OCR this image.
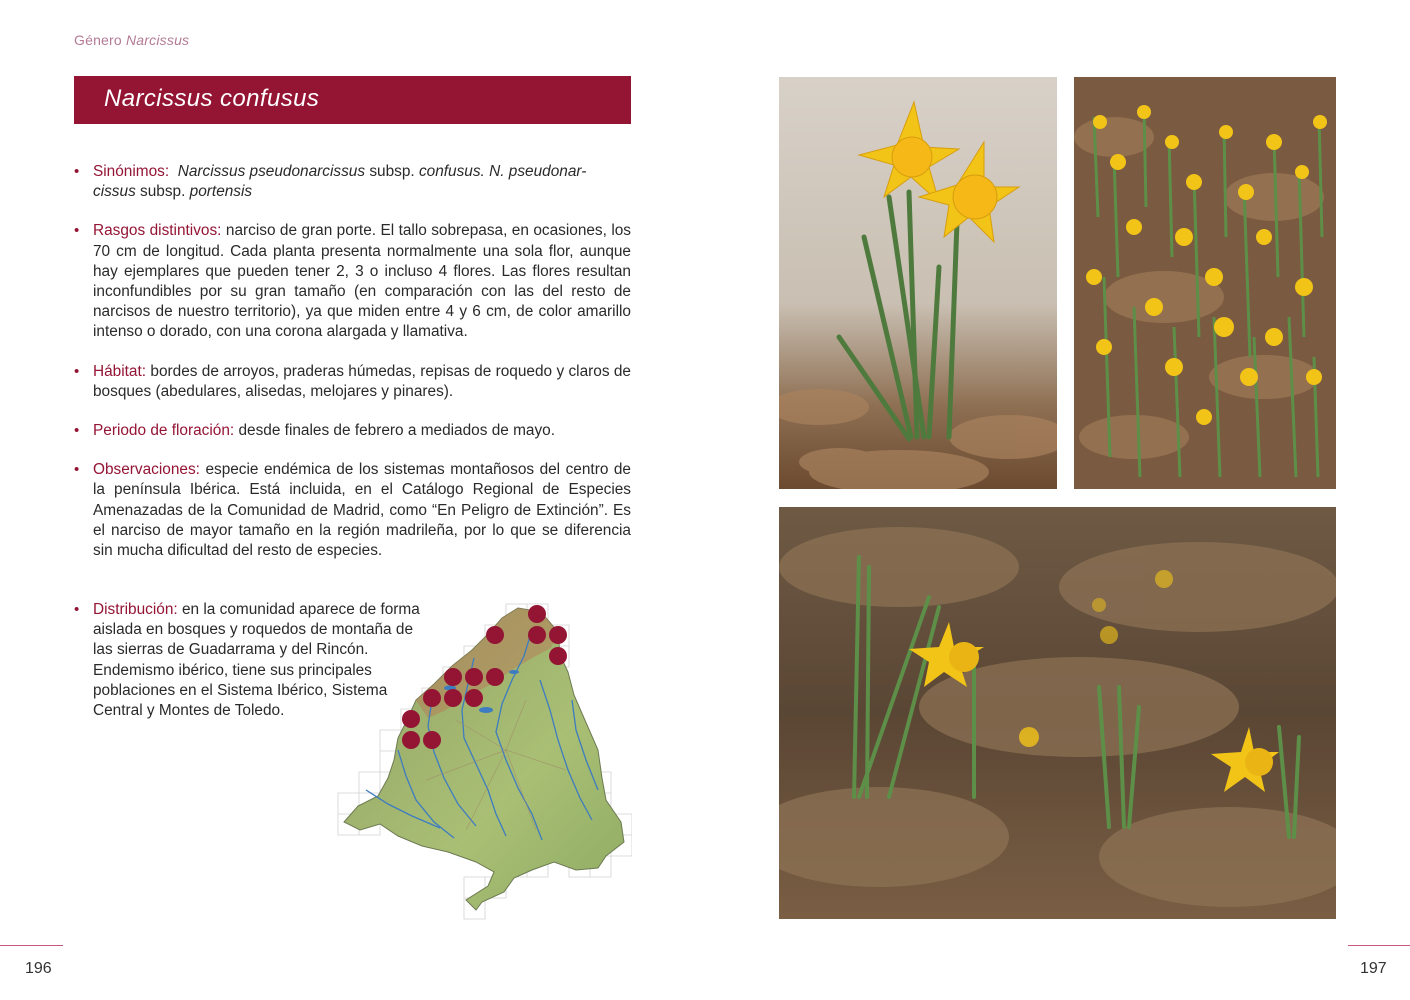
Género Narcissus
Narcissus confusus
• Sinónimos: Narcissus pseudonarcissus subsp. confusus. N. pseudonar-
cissus subsp. portensis
• Rasgos distintivos: narciso de gran porte. El tallo sobrepasa, en ocasiones, los 70 cm de longitud. Cada planta presenta normalmente una sola flor, aunque hay ejemplares que pueden tener 2, 3 o incluso 4 flores. Las flores resultan inconfundibles por su gran tamaño (en comparación con las del resto de narcisos de nuestro territorio), ya que miden entre 4 y 6 cm, de color amarillo intenso o dorado, con una corona alargada y llamativa.
• Hábitat: bordes de arroyos, praderas húmedas, repisas de roquedo y claros de bosques (abedulares, alisedas, melojares y pinares).
• Periodo de floración: desde finales de febrero a mediados de mayo.
• Observaciones: especie endémica de los sistemas montañosos del centro de la península Ibérica. Está incluida, en el Catálogo Regional de Especies Amenazadas de la Comunidad de Madrid, como “En Peligro de Extinción”. Es el narciso de mayor tamaño en la región madrileña, por lo que se diferencia sin mucha dificultad del resto de especies.
• Distribución: en la comunidad aparece de forma aislada en bosques y roquedos de montaña de las sierras de Guadarrama y del Rincón. Endemismo ibérico, tiene sus principales poblaciones en el Sistema Ibérico, Sistema Central y Montes de Toledo.
196	197
